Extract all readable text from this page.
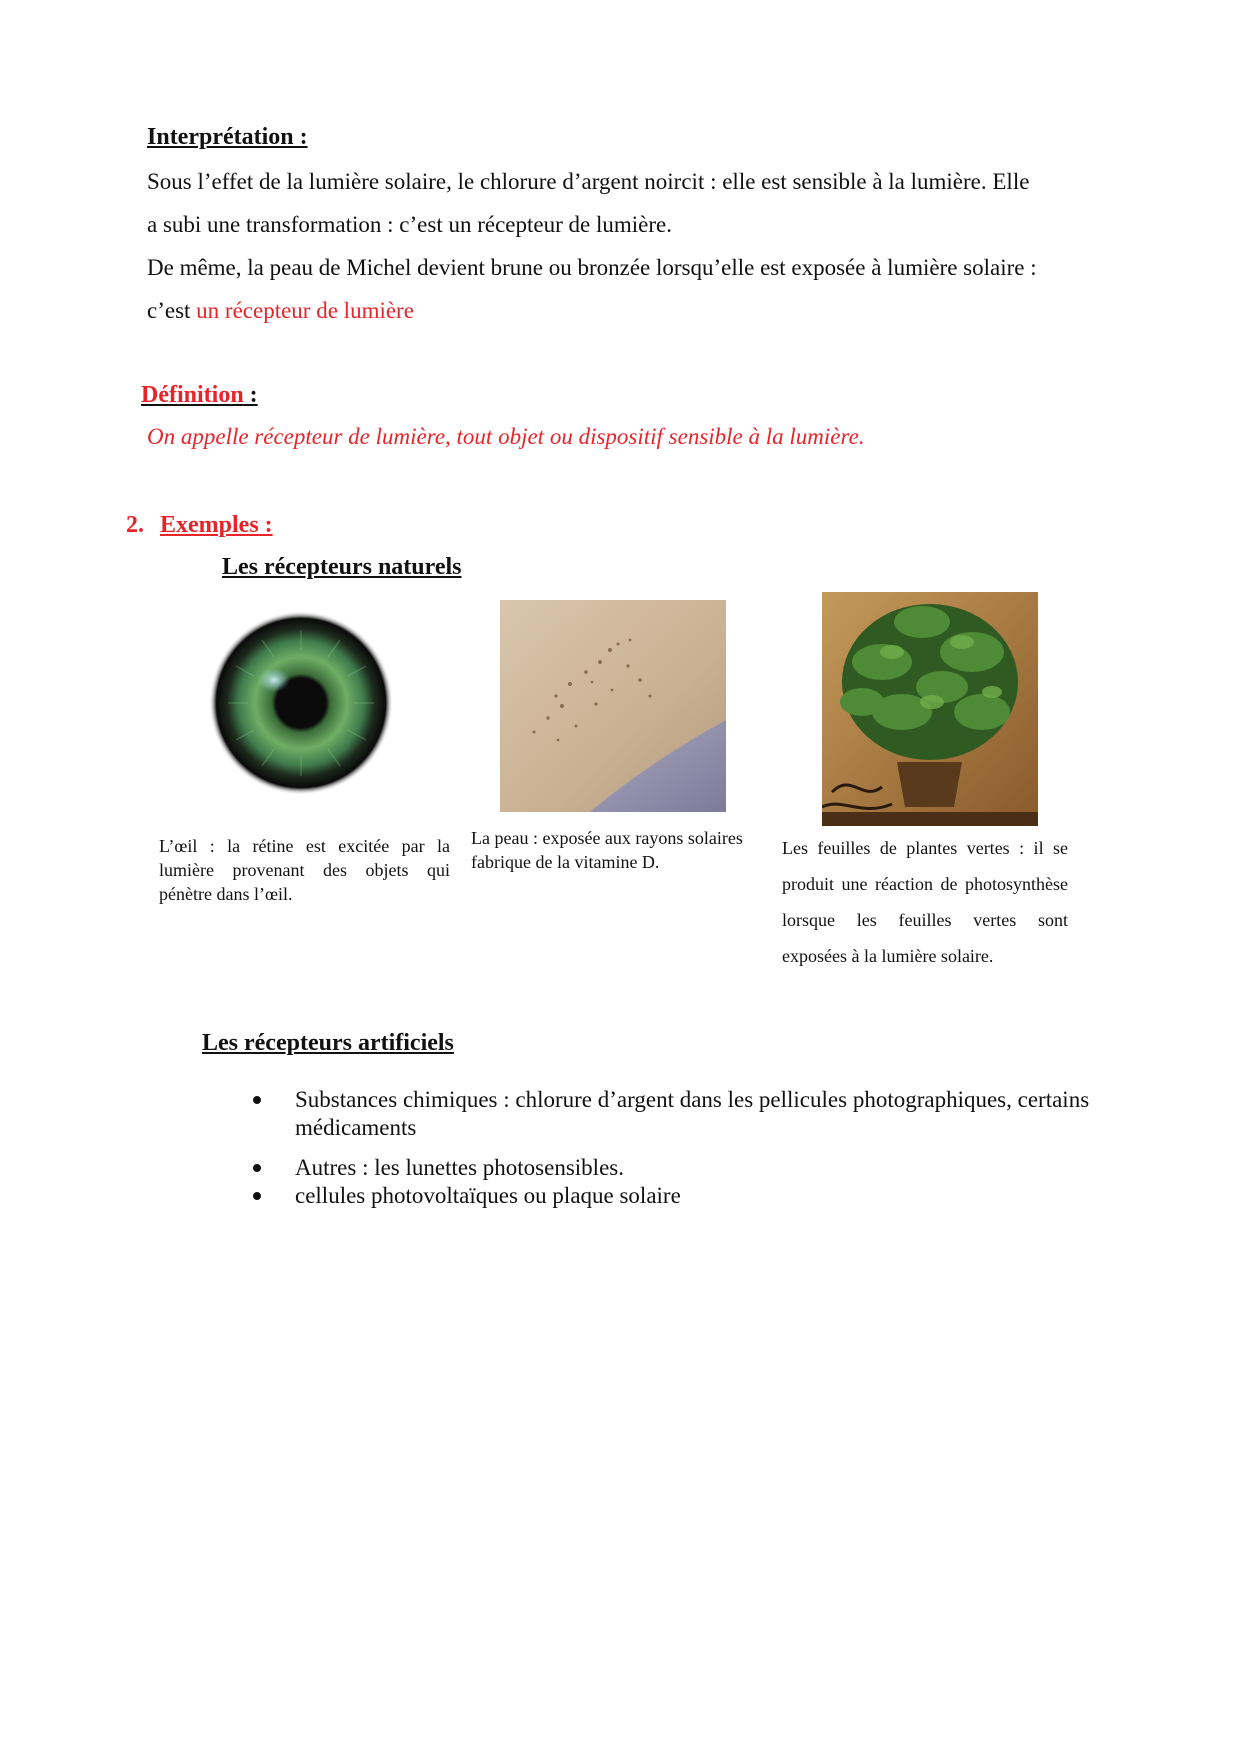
Interprétation :
Sous l’effet de la lumière solaire, le chlorure d’argent noircit : elle est sensible à la lumière. Elle
a subi une transformation : c’est un récepteur de lumière.
De même, la peau de Michel devient brune ou bronzée lorsqu’elle est exposée à lumière solaire :
c’est un récepteur de lumière
Définition :
On appelle récepteur de lumière, tout objet ou dispositif sensible à la lumière.
2. Exemples :
Les récepteurs naturels
L’œil : la rétine est excitée par la lumière provenant des objets qui pénètre dans l’œil.
La peau : exposée aux rayons solaires fabrique de la vitamine D.
Les feuilles de plantes vertes : il se produit une réaction de photosynthèse lorsque les feuilles vertes sont exposées à la lumière solaire.
Les récepteurs artificiels
Substances chimiques : chlorure d’argent dans les pellicules photographiques, certains médicaments
Autres : les lunettes photosensibles.
cellules photovoltaïques ou plaque solaire
